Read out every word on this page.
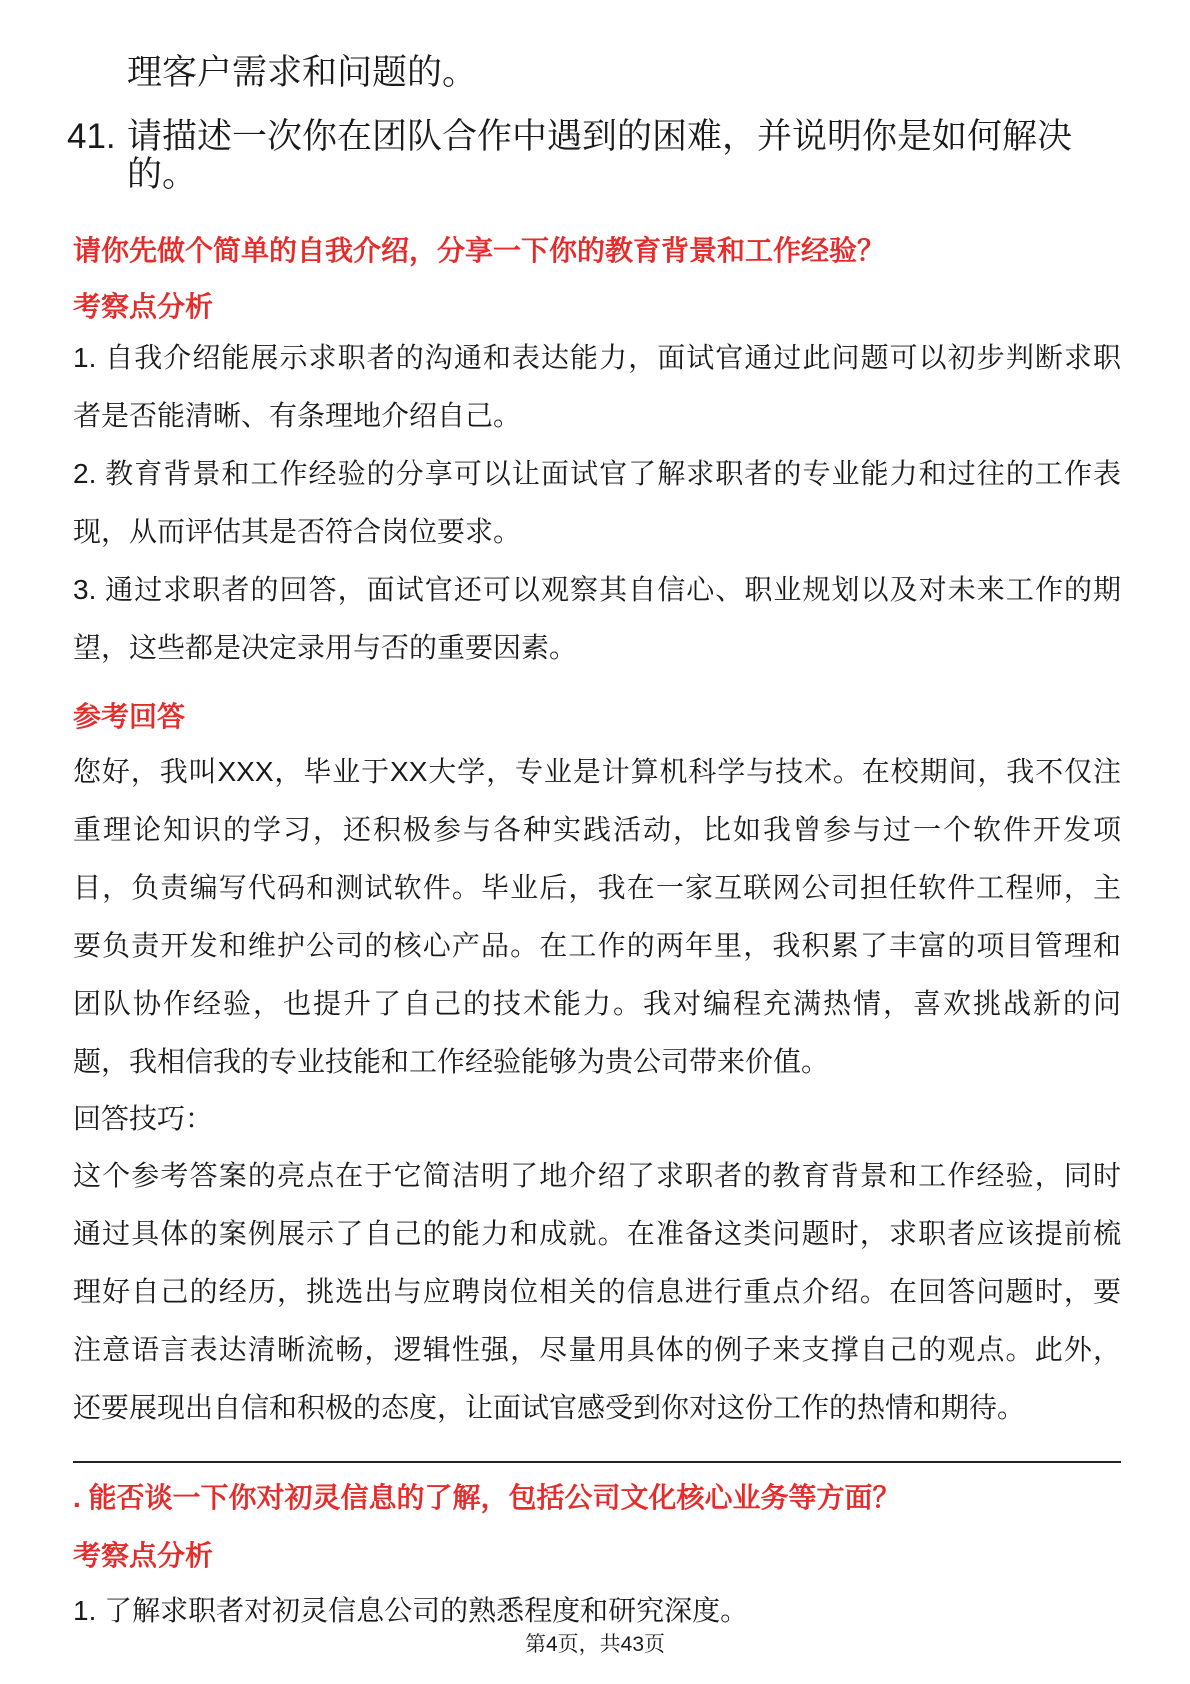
理客户需求和问题的。
41. 请描述一次你在团队合作中遇到的困难，并说明你是如何解决
的。
请你先做个简单的自我介绍，分享一下你的教育背景和工作经验？
考察点分析
1. 自我介绍能展示求职者的沟通和表达能力，面试官通过此问题可以初步判断求职
者是否能清晰、有条理地介绍自己。
2. 教育背景和工作经验的分享可以让面试官了解求职者的专业能力和过往的工作表
现，从而评估其是否符合岗位要求。
3. 通过求职者的回答，面试官还可以观察其自信心、职业规划以及对未来工作的期
望，这些都是决定录用与否的重要因素。
参考回答
您好，我叫XXX，毕业于XX大学，专业是计算机科学与技术。在校期间，我不仅注
重理论知识的学习，还积极参与各种实践活动，比如我曾参与过一个软件开发项
目，负责编写代码和测试软件。毕业后，我在一家互联网公司担任软件工程师，主
要负责开发和维护公司的核心产品。在工作的两年里，我积累了丰富的项目管理和
团队协作经验，也提升了自己的技术能力。我对编程充满热情，喜欢挑战新的问
题，我相信我的专业技能和工作经验能够为贵公司带来价值。
回答技巧：
这个参考答案的亮点在于它简洁明了地介绍了求职者的教育背景和工作经验，同时
通过具体的案例展示了自己的能力和成就。在准备这类问题时，求职者应该提前梳
理好自己的经历，挑选出与应聘岗位相关的信息进行重点介绍。在回答问题时，要
注意语言表达清晰流畅，逻辑性强，尽量用具体的例子来支撑自己的观点。此外，
还要展现出自信和积极的态度，让面试官感受到你对这份工作的热情和期待。
. 能否谈一下你对初灵信息的了解，包括公司文化核心业务等方面？
考察点分析
1. 了解求职者对初灵信息公司的熟悉程度和研究深度。
第4页，共43页
